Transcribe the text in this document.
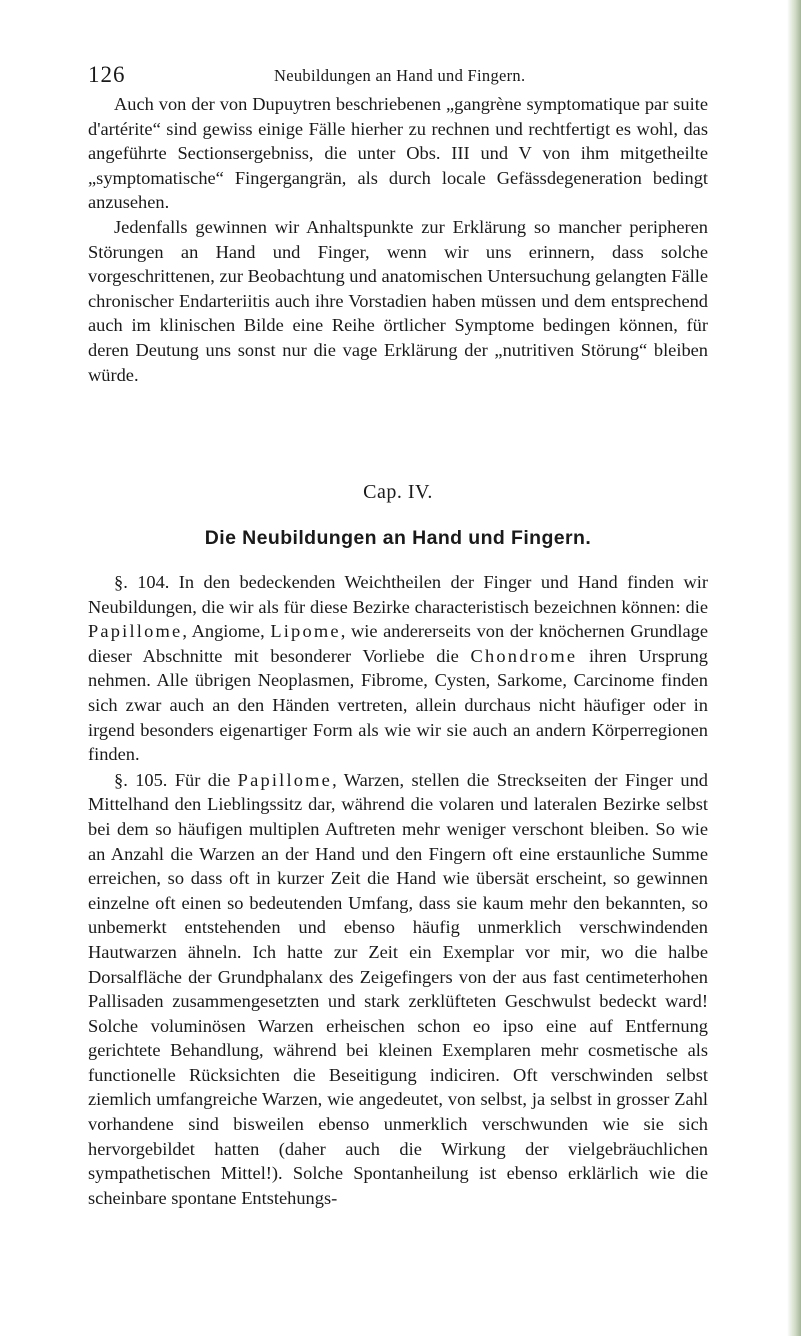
126	Neubildungen an Hand und Fingern.

Auch von der von Dupuytren beschriebenen „gangrène symptomatique par suite d'artérite“ sind gewiss einige Fälle hierher zu rechnen und rechtfertigt es wohl, das angeführte Sectionsergebniss, die unter Obs. III und V von ihm mitgetheilte „symptomatische“ Fingergangrän, als durch locale Gefässdegeneration bedingt anzusehen.

Jedenfalls gewinnen wir Anhaltspunkte zur Erklärung so mancher peripheren Störungen an Hand und Finger, wenn wir uns erinnern, dass solche vorgeschrittenen, zur Beobachtung und anatomischen Untersuchung gelangten Fälle chronischer Endarteriitis auch ihre Vorstadien haben müssen und dem entsprechend auch im klinischen Bilde eine Reihe örtlicher Symptome bedingen können, für deren Deutung uns sonst nur die vage Erklärung der „nutritiven Störung“ bleiben würde.

Cap. IV.
Die Neubildungen an Hand und Fingern.

§. 104. In den bedeckenden Weichtheilen der Finger und Hand finden wir Neubildungen, die wir als für diese Bezirke characteristisch bezeichnen können: die Papillome, Angiome, Lipome, wie andererseits von der knöchernen Grundlage dieser Abschnitte mit besonderer Vorliebe die Chondrome ihren Ursprung nehmen. Alle übrigen Neoplasmen, Fibrome, Cysten, Sarkome, Carcinome finden sich zwar auch an den Händen vertreten, allein durchaus nicht häufiger oder in irgend besonders eigenartiger Form als wie wir sie auch an andern Körperregionen finden.

§. 105. Für die Papillome, Warzen, stellen die Streckseiten der Finger und Mittelhand den Lieblingssitz dar, während die volaren und lateralen Bezirke selbst bei dem so häufigen multiplen Auftreten mehr weniger verschont bleiben. So wie an Anzahl die Warzen an der Hand und den Fingern oft eine erstaunliche Summe erreichen, so dass oft in kurzer Zeit die Hand wie übersät erscheint, so gewinnen einzelne oft einen so bedeutenden Umfang, dass sie kaum mehr den bekannten, so unbemerkt entstehenden und ebenso häufig unmerklich verschwindenden Hautwarzen ähneln. Ich hatte zur Zeit ein Exemplar vor mir, wo die halbe Dorsalfläche der Grundphalanx des Zeigefingers von der aus fast centimeterhohen Pallisaden zusammengesetzten und stark zerklüfteten Geschwulst bedeckt ward! Solche voluminösen Warzen erheischen schon eo ipso eine auf Entfernung gerichtete Behandlung, während bei kleinen Exemplaren mehr cosmetische als functionelle Rücksichten die Beseitigung indiciren. Oft verschwinden selbst ziemlich umfangreiche Warzen, wie angedeutet, von selbst, ja selbst in grosser Zahl vorhandene sind bisweilen ebenso unmerklich verschwunden wie sie sich hervorgebildet hatten (daher auch die Wirkung der vielgebräuchlichen sympathetischen Mittel!). Solche Spontanheilung ist ebenso erklärlich wie die scheinbare spontane Entstehungs-
